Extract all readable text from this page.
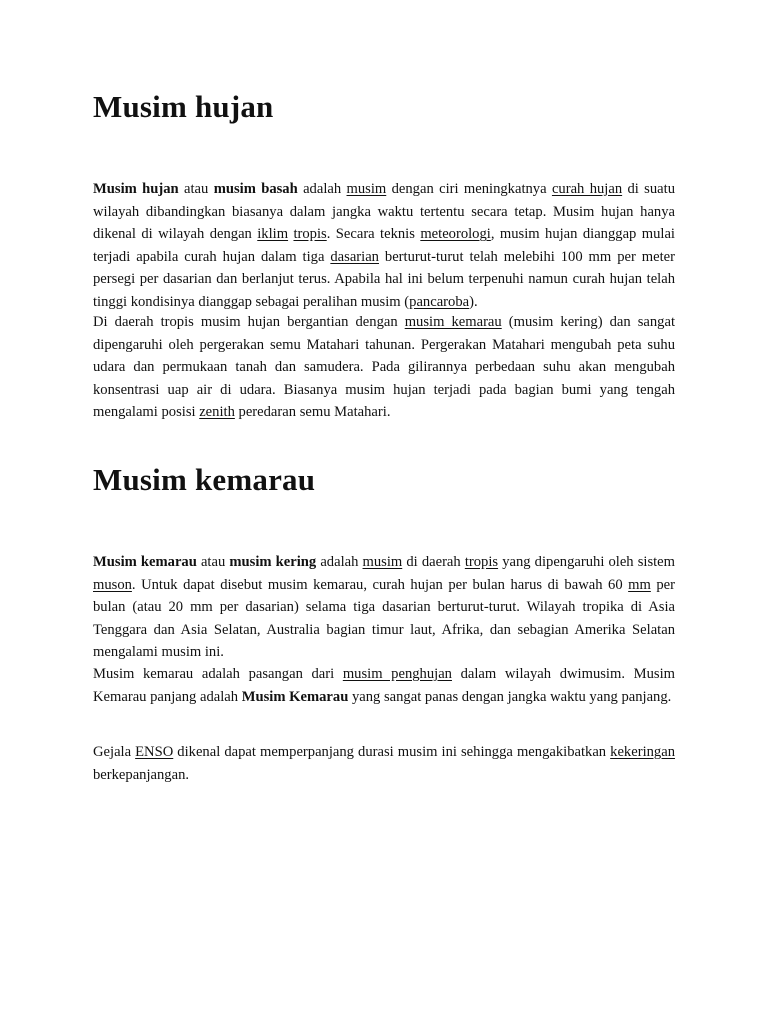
Musim hujan

Musim hujan atau musim basah adalah musim dengan ciri meningkatnya curah hujan di suatu wilayah dibandingkan biasanya dalam jangka waktu tertentu secara tetap. Musim hujan hanya dikenal di wilayah dengan iklim tropis. Secara teknis meteorologi, musim hujan dianggap mulai terjadi apabila curah hujan dalam tiga dasarian berturut-turut telah melebihi 100 mm per meter persegi per dasarian dan berlanjut terus. Apabila hal ini belum terpenuhi namun curah hujan telah tinggi kondisinya dianggap sebagai peralihan musim (pancaroba).

Di daerah tropis musim hujan bergantian dengan musim kemarau (musim kering) dan sangat dipengaruhi oleh pergerakan semu Matahari tahunan. Pergerakan Matahari mengubah peta suhu udara dan permukaan tanah dan samudera. Pada gilirannya perbedaan suhu akan mengubah konsentrasi uap air di udara. Biasanya musim hujan terjadi pada bagian bumi yang tengah mengalami posisi zenith peredaran semu Matahari.

Musim kemarau

Musim kemarau atau musim kering adalah musim di daerah tropis yang dipengaruhi oleh sistem muson. Untuk dapat disebut musim kemarau, curah hujan per bulan harus di bawah 60 mm per bulan (atau 20 mm per dasarian) selama tiga dasarian berturut-turut. Wilayah tropika di Asia Tenggara dan Asia Selatan, Australia bagian timur laut, Afrika, dan sebagian Amerika Selatan mengalami musim ini.

Musim kemarau adalah pasangan dari musim penghujan dalam wilayah dwimusim. Musim Kemarau panjang adalah Musim Kemarau yang sangat panas dengan jangka waktu yang panjang.

Gejala ENSO dikenal dapat memperpanjang durasi musim ini sehingga mengakibatkan kekeringan berkepanjangan.
